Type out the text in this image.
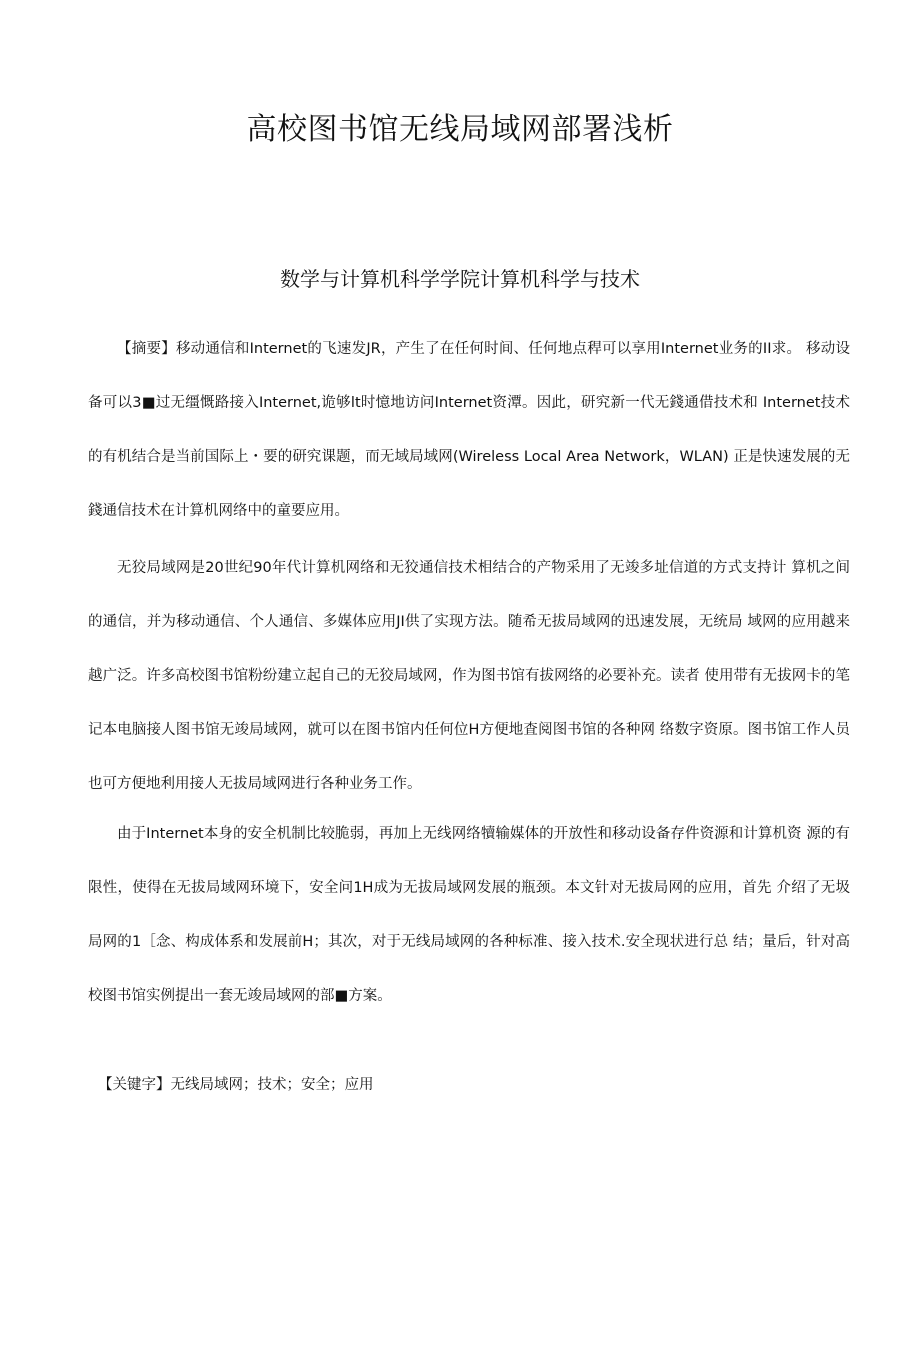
高校图书馆无线局域网部署浅析
数学与计算机科学学院计算机科学与技术

【摘要】移动通信和Internet的飞速发JR，产生了在任何时间、任何地点稈可以享用Internet业务的II求。 移动设备可以3■过无缰慨路接入Internet,诡够lt时憶地访问Internet资潭。因此，研究新一代无錢通借技术和 Internet技术的有机结合是当前国际上・要的研究课题，而无域局域网(Wireless Local Area Network，WLAN) 正是快速发展的无錢通信技术在计算机网络中的童要应用。

无狡局域网是20世纪90年代计算机网络和无狡通信技术相结合的产物采用了无竣多址信道的方式支持计 算机之间的通信，并为移动通信、个人通信、多媒体应用JI供了实现方法。随希无拔局域网的迅速发展，无统局 域网的应用越来越广泛。许多高校图书馆粉纷建立起自己的无狡局域网，作为图书馆有拔网络的必要补充。读者 使用带有无拔网卡的笔记本电脑接人图书馆无竣局域网，就可以在图书馆内任何位H方便地査阅图书馆的各种网 络数字资原。图书馆工作人员也可方便地利用接人无拔局域网进行各种业务工作。

由于Internet本身的安全机制比较脆弱，再加上无线网络犢输媒体的开放性和移动设备存件资源和计算机资 源的有限性，使得在无拔局域网环境下，安全问1H成为无拔局域网发展的瓶颈。本文针对无拔局网的应用，首先 介绍了无圾局网的1［念、构成体系和发展前H；其次，对于无线局域网的各种标准、接入技术.安全现状进行总 结；量后，针对高校图书馆实例提出一套无竣局域网的部■方案。

【关键字】无线局域网；技术；安全；应用
